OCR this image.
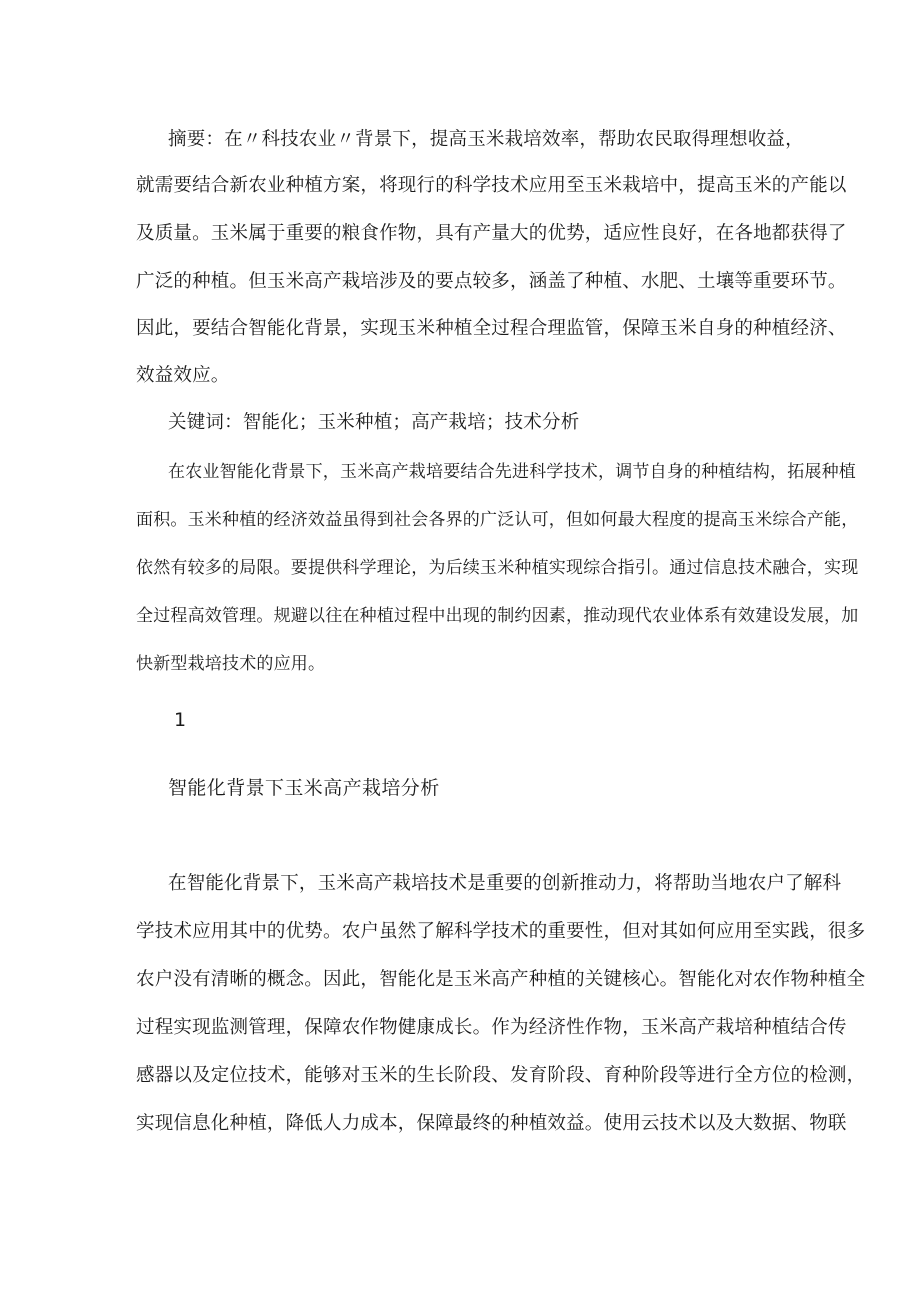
摘要：在〃科技农业〃背景下，提高玉米栽培效率，帮助农民取得理想收益，
就需要结合新农业种植方案，将现行的科学技术应用至玉米栽培中，提高玉米的产能以
及质量。玉米属于重要的粮食作物，具有产量大的优势，适应性良好，在各地都获得了
广泛的种植。但玉米高产栽培涉及的要点较多，涵盖了种植、水肥、土壤等重要环节。
因此，要结合智能化背景，实现玉米种植全过程合理监管，保障玉米自身的种植经济、
效益效应。
关键词：智能化；玉米种植；高产栽培；技术分析
在农业智能化背景下，玉米高产栽培要结合先进科学技术，调节自身的种植结构，拓展种植
面积。玉米种植的经济效益虽得到社会各界的广泛认可，但如何最大程度的提高玉米综合产能，
依然有较多的局限。要提供科学理论，为后续玉米种植实现综合指引。通过信息技术融合，实现
全过程高效管理。规避以往在种植过程中出现的制约因素，推动现代农业体系有效建设发展，加
快新型栽培技术的应用。
1
智能化背景下玉米高产栽培分析
在智能化背景下，玉米高产栽培技术是重要的创新推动力，将帮助当地农户了解科
学技术应用其中的优势。农户虽然了解科学技术的重要性，但对其如何应用至实践，很多
农户没有清晰的概念。因此，智能化是玉米高产种植的关键核心。智能化对农作物种植全
过程实现监测管理，保障农作物健康成长。作为经济性作物，玉米高产栽培种植结合传
感器以及定位技术，能够对玉米的生长阶段、发育阶段、育种阶段等进行全方位的检测，
实现信息化种植，降低人力成本，保障最终的种植效益。使用云技术以及大数据、物联
